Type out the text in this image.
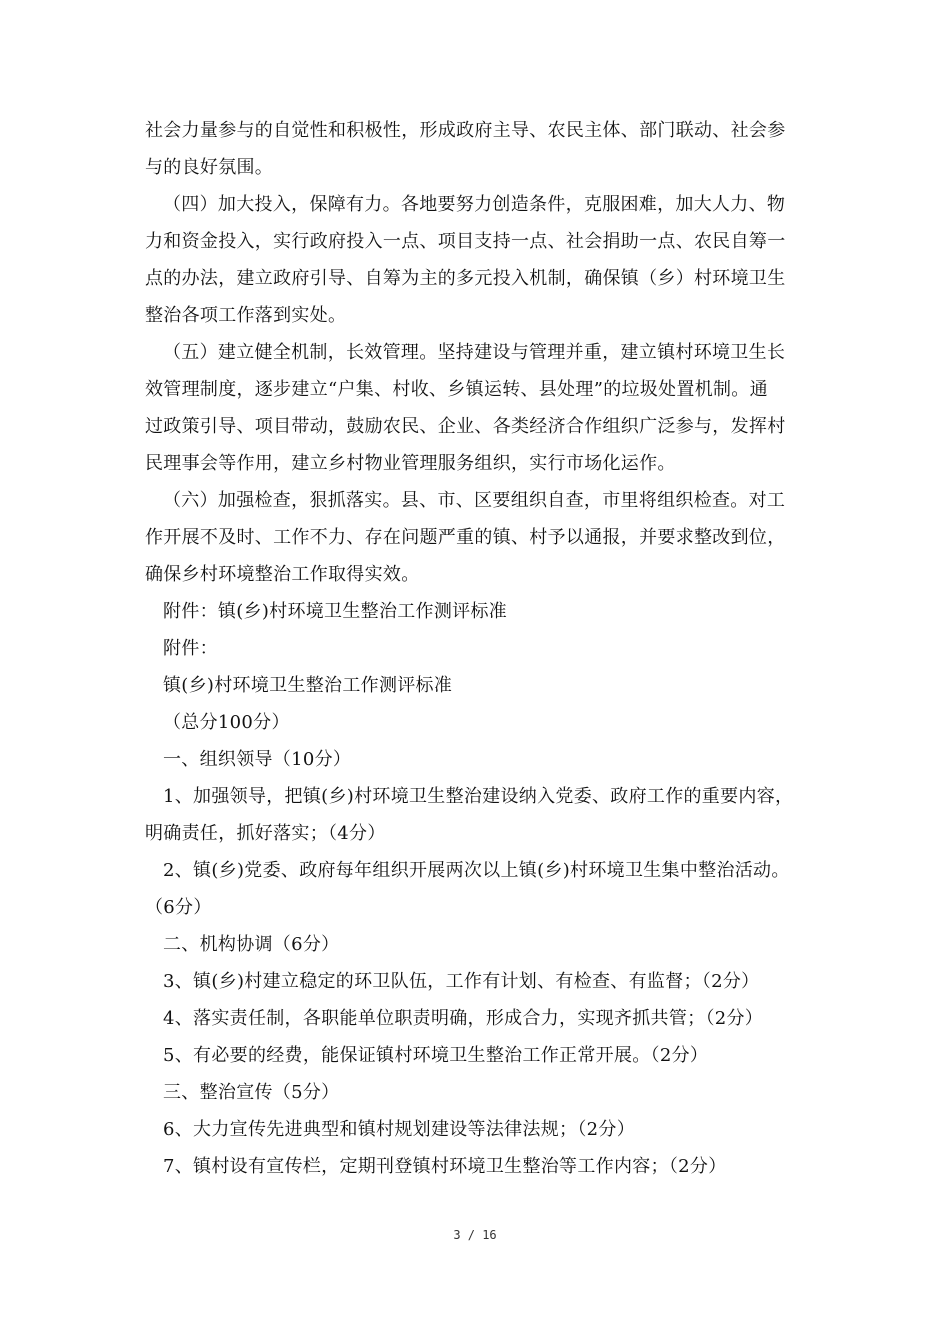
社会力量参与的自觉性和积极性，形成政府主导、农民主体、部门联动、社会参
与的良好氛围。
（四）加大投入，保障有力。各地要努力创造条件，克服困难，加大人力、物
力和资金投入，实行政府投入一点、项目支持一点、社会捐助一点、农民自筹一
点的办法，建立政府引导、自筹为主的多元投入机制，确保镇（乡）村环境卫生
整治各项工作落到实处。
（五）建立健全机制，长效管理。坚持建设与管理并重，建立镇村环境卫生长
效管理制度，逐步建立“户集、村收、乡镇运转、县处理”的垃圾处置机制。通
过政策引导、项目带动，鼓励农民、企业、各类经济合作组织广泛参与，发挥村
民理事会等作用，建立乡村物业管理服务组织，实行市场化运作。
（六）加强检查，狠抓落实。县、市、区要组织自查，市里将组织检查。对工
作开展不及时、工作不力、存在问题严重的镇、村予以通报，并要求整改到位，
确保乡村环境整治工作取得实效。
附件：镇(乡)村环境卫生整治工作测评标准
附件：
镇(乡)村环境卫生整治工作测评标准
（总分100分）
一、组织领导（10分）
1、加强领导，把镇(乡)村环境卫生整治建设纳入党委、政府工作的重要内容，
明确责任，抓好落实；（4分）
2、镇(乡)党委、政府每年组织开展两次以上镇(乡)村环境卫生集中整治活动。
（6分）
二、机构协调（6分）
3、镇(乡)村建立稳定的环卫队伍，工作有计划、有检查、有监督；（2分）
4、落实责任制，各职能单位职责明确，形成合力，实现齐抓共管；（2分）
5、有必要的经费，能保证镇村环境卫生整治工作正常开展。（2分）
三、整治宣传（5分）
6、大力宣传先进典型和镇村规划建设等法律法规；（2分）
7、镇村设有宣传栏，定期刊登镇村环境卫生整治等工作内容；（2分）
3 / 16
